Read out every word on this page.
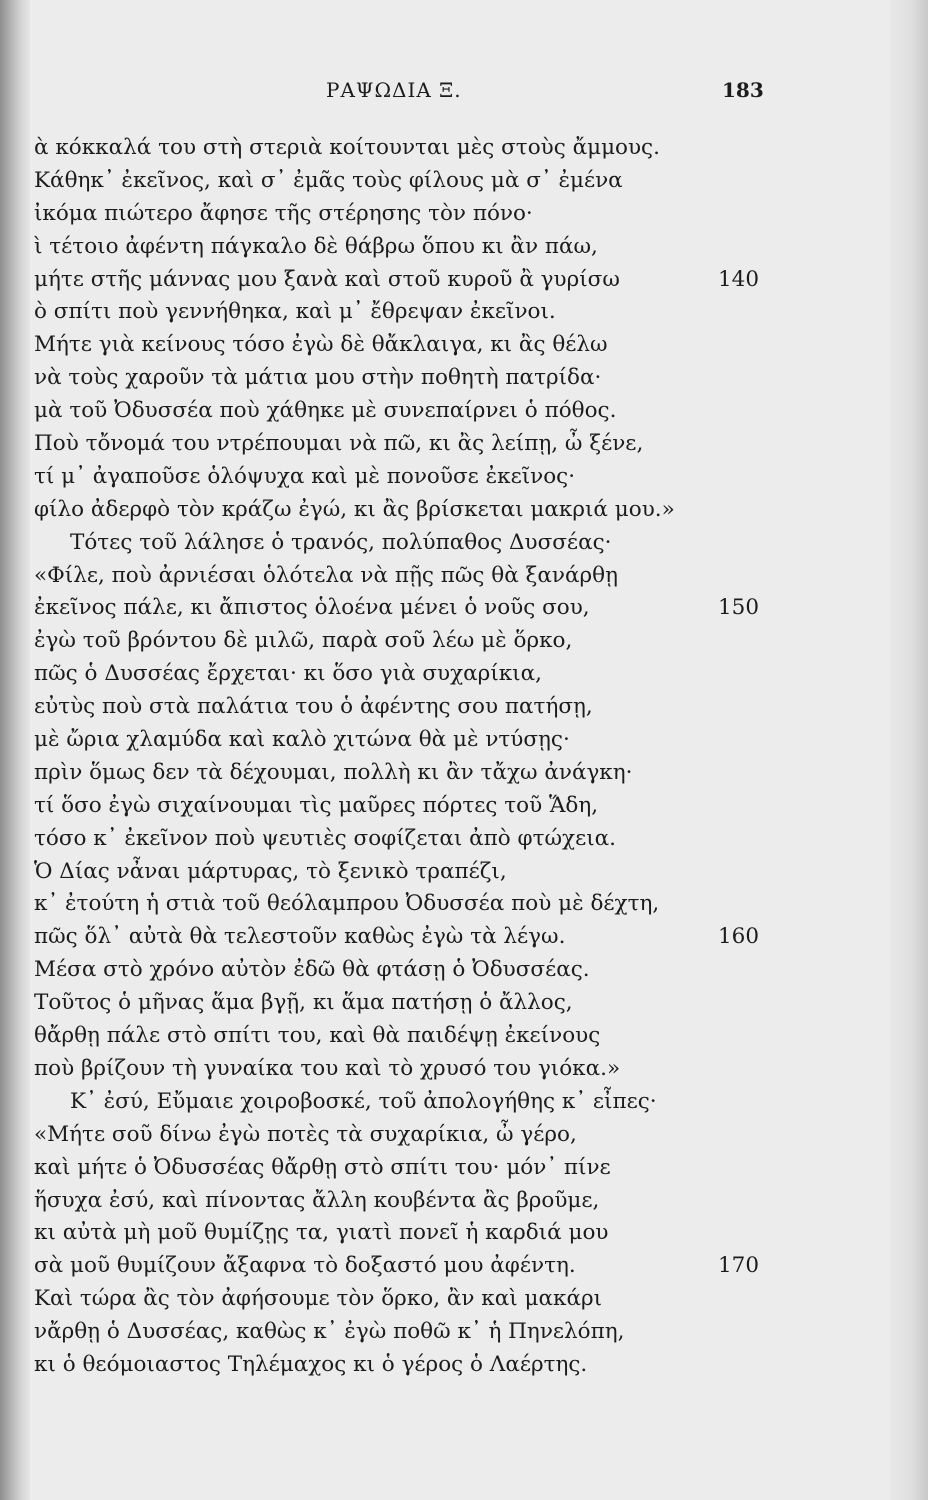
ΡΑΨΩΔΙΑ Ξ.	183
ὰ κόκκαλά του στὴ στεριὰ κοίτουνται μὲς στοὺς ἄμμους.
Κάθηκ᾽ ἐκεῖνος, καὶ σ᾽ ἐμᾶς τοὺς φίλους μὰ σ᾽ ἐμένα
ἰκόμα πιώτερο ἄφησε τῆς στέρησης τὸν πόνο·
ὶ τέτοιο ἀφέντη πάγκαλο δὲ θάβρω ὅπου κι ἂν πάω,
μήτε στῆς μάννας μου ξανὰ καὶ στοῦ κυροῦ ἂ γυρίσω	140
ὸ σπίτι ποὺ γεννήθηκα, καὶ μ᾽ ἔθρεψαν ἐκεῖνοι.
Μήτε γιὰ κείνους τόσο ἐγὼ δὲ θἄκλαιγα, κι ἂς θέλω
νὰ τοὺς χαροῦν τὰ μάτια μου στὴν ποθητὴ πατρίδα·
μὰ τοῦ Ὀδυσσέα ποὺ χάθηκε μὲ συνεπαίρνει ὁ πόθος.
Ποὺ τὄνομά του ντρέπουμαι νὰ πῶ, κι ἂς λείπῃ, ὦ ξένε,
τί μ᾽ ἀγαποῦσε ὁλόψυχα καὶ μὲ πονοῦσε ἐκεῖνος·
φίλο ἀδερφὸ τὸν κράζω ἐγώ, κι ἂς βρίσκεται μακριά μου.»
Τότες τοῦ λάλησε ὁ τρανός, πολύπαθος Δυσσέας·
«Φίλε, ποὺ ἀρνιέσαι ὁλότελα νὰ πῇς πῶς θὰ ξανάρθῃ
ἐκεῖνος πάλε, κι ἄπιστος ὁλοένα μένει ὁ νοῦς σου,	150
ἐγὼ τοῦ βρόντου δὲ μιλῶ, παρὰ σοῦ λέω μὲ ὅρκο,
πῶς ὁ Δυσσέας ἔρχεται· κι ὅσο γιὰ συχαρίκια,
εὐτὺς ποὺ στὰ παλάτια του ὁ ἀφέντης σου πατήσῃ,
μὲ ὤρια χλαμύδα καὶ καλὸ χιτώνα θὰ μὲ ντύσῃς·
πρὶν ὅμως δεν τὰ δέχουμαι, πολλὴ κι ἂν τἄχω ἀνάγκη·
τί ὅσο ἐγὼ σιχαίνουμαι τὶς μαῦρες πόρτες τοῦ Ἅδη,
τόσο κ᾽ ἐκεῖνον ποὺ ψευτιὲς σοφίζεται ἀπὸ φτώχεια.
Ὁ Δίας νἆναι μάρτυρας, τὸ ξενικὸ τραπέζι,
κ᾽ ἐτούτη ἡ στιὰ τοῦ θεόλαμπρου Ὀδυσσέα ποὺ μὲ δέχτη,
πῶς ὅλ᾽ αὐτὰ θὰ τελεστοῦν καθὼς ἐγὼ τὰ λέγω.	160
Μέσα στὸ χρόνο αὐτὸν ἐδῶ θὰ φτάσῃ ὁ Ὀδυσσέας.
Τοῦτος ὁ μῆνας ἅμα βγῇ, κι ἅμα πατήσῃ ὁ ἄλλος,
θἄρθῃ πάλε στὸ σπίτι του, καὶ θὰ παιδέψῃ ἐκείνους
ποὺ βρίζουν τὴ γυναίκα του καὶ τὸ χρυσό του γιόκα.»
Κ᾽ ἐσύ, Εὔμαιε χοιροβοσκέ, τοῦ ἀπολογήθης κ᾽ εἶπες·
«Μήτε σοῦ δίνω ἐγὼ ποτὲς τὰ συχαρίκια, ὦ γέρο,
καὶ μήτε ὁ Ὀδυσσέας θἄρθῃ στὸ σπίτι του· μόν᾽ πίνε
ἥσυχα ἐσύ, καὶ πίνοντας ἄλλη κουβέντα ἂς βροῦμε,
κι αὐτὰ μὴ μοῦ θυμίζῃς τα, γιατὶ πονεῖ ἡ καρδιά μου
σὰ μοῦ θυμίζουν ἄξαφνα τὸ δοξαστό μου ἀφέντη.	170
Καὶ τώρα ἂς τὸν ἀφήσουμε τὸν ὅρκο, ἂν καὶ μακάρι
νἄρθῃ ὁ Δυσσέας, καθὼς κ᾽ ἐγὼ ποθῶ κ᾽ ἡ Πηνελόπη,
κι ὁ θεόμοιαστος Τηλέμαχος κι ὁ γέρος ὁ Λαέρτης.
